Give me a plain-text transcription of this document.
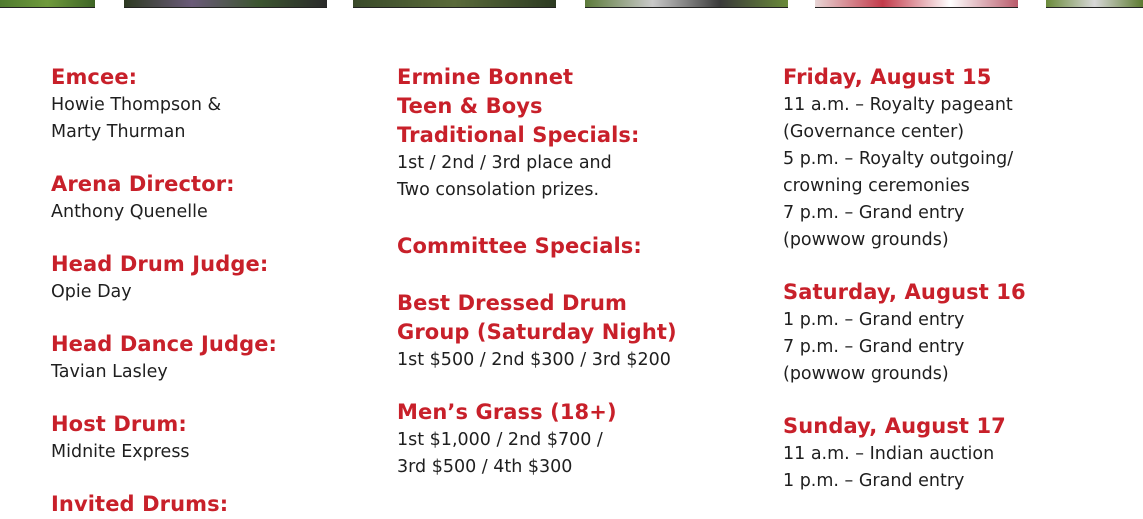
Emcee:
Howie Thompson &
Marty Thurman
Arena Director:
Anthony Quenelle
Head Drum Judge:
Opie Day
Head Dance Judge:
Tavian Lasley
Host Drum:
Midnite Express
Invited Drums:
Ermine Bonnet
Teen & Boys
Traditional Specials:
1st / 2nd / 3rd place and
Two consolation prizes.
Committee Specials:
Best Dressed Drum
Group (Saturday Night)
1st $500 / 2nd $300 / 3rd $200
Men’s Grass (18+)
1st $1,000 / 2nd $700 /
3rd $500 / 4th $300
Friday, August 15
11 a.m. – Royalty pageant
(Governance center)
5 p.m. – Royalty outgoing/
crowning ceremonies
7 p.m. – Grand entry
(powwow grounds)
Saturday, August 16
1 p.m. – Grand entry
7 p.m. – Grand entry
(powwow grounds)
Sunday, August 17
11 a.m. – Indian auction
1 p.m. – Grand entry
